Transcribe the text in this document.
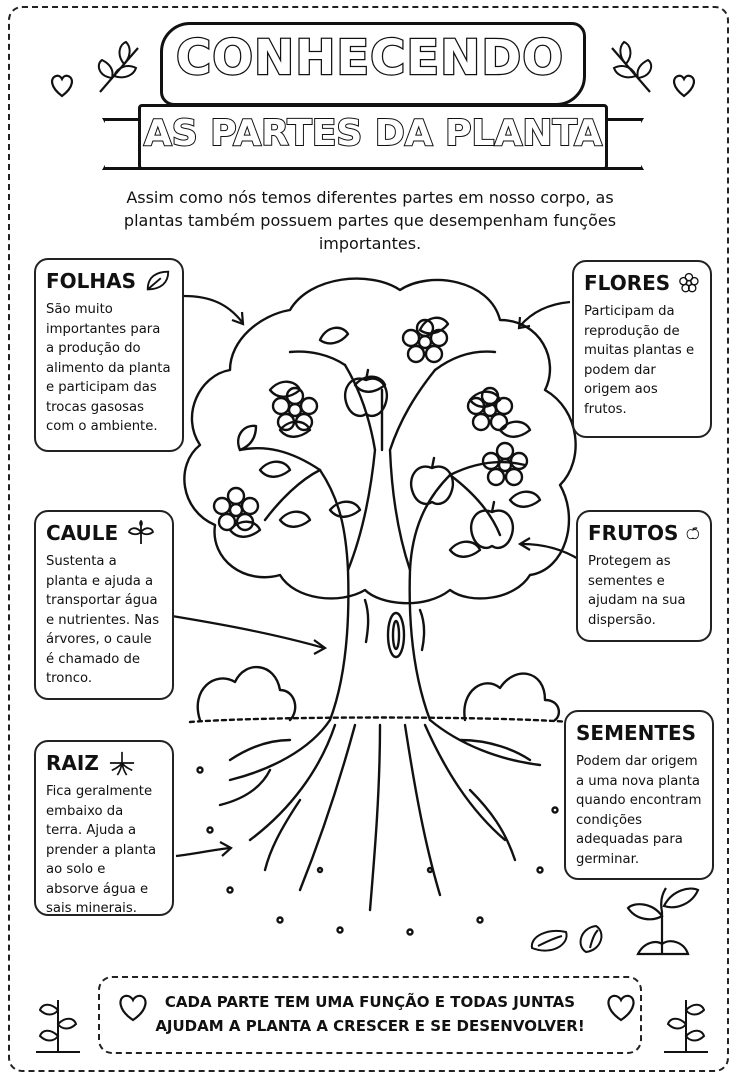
CONHECENDO
AS PARTES DA PLANTA
Assim como nós temos diferentes partes em nosso corpo, as plantas também possuem partes que desempenham funções importantes.
FOLHAS

São muito importantes para a produção do alimento da planta e participam das trocas gasosas com o ambiente.

FLORES

Participam da reprodução de muitas plantas e podem dar origem aos frutos.

CAULE

Sustenta a planta e ajuda a transportar água e nutrientes. Nas árvores, o caule é chamado de tronco.

FRUTOS

Protegem as sementes e ajudam na sua dispersão.

RAIZ

Fica geralmente embaixo da terra. Ajuda a prender a planta ao solo e absorve água e sais minerais.

SEMENTES

Podem dar origem a uma nova planta quando encontram condições adequadas para germinar.

CADA PARTE TEM UMA FUNÇÃO E TODAS JUNTAS
AJUDAM A PLANTA A CRESCER E SE DESENVOLVER!
